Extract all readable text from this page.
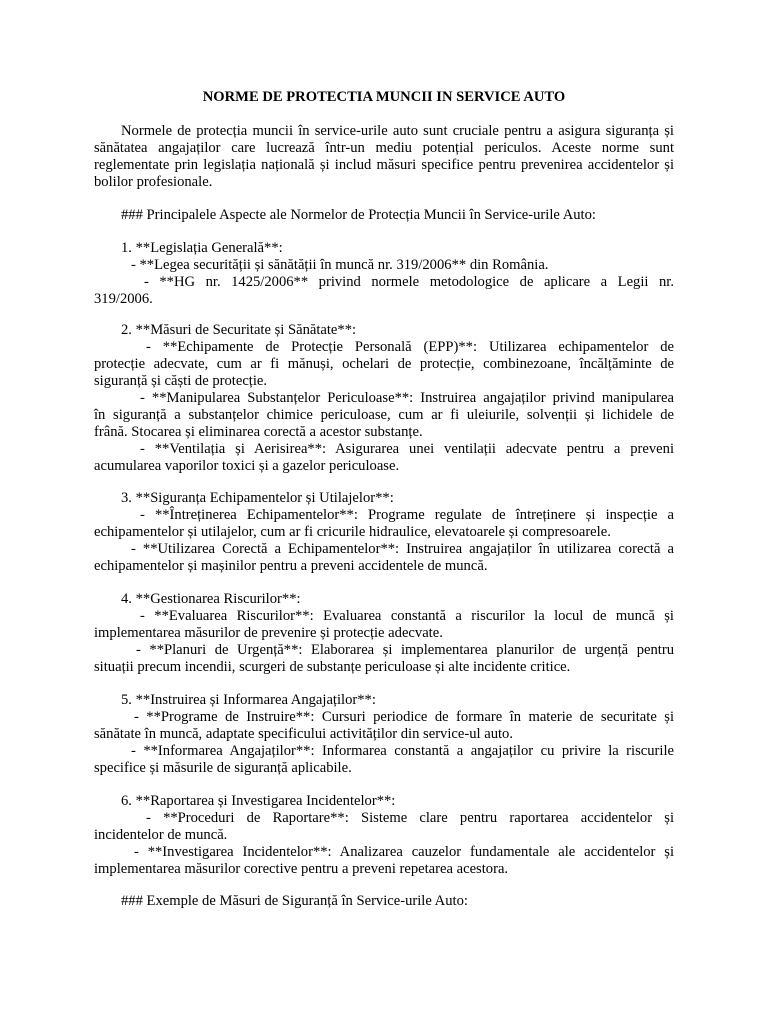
NORME DE PROTECTIA MUNCII IN SERVICE AUTO

Normele de protecția muncii în service-urile auto sunt cruciale pentru a asigura siguranța și sănătatea angajaților care lucrează într-un mediu potențial periculos. Aceste norme sunt reglementate prin legislația națională și includ măsuri specifice pentru prevenirea accidentelor și bolilor profesionale.

### Principalele Aspecte ale Normelor de Protecția Muncii în Service-urile Auto:

1. **Legislația Generală**:
- **Legea securității și sănătății în muncă nr. 319/2006** din România.
- **HG nr. 1425/2006** privind normele metodologice de aplicare a Legii nr.
319/2006.
2. **Măsuri de Securitate și Sănătate**:
- **Echipamente de Protecție Personală (EPP)**: Utilizarea echipamentelor de
protecție adecvate, cum ar fi mănuși, ochelari de protecție, combinezoane, încălțăminte de
siguranță și căști de protecție.
- **Manipularea Substanțelor Periculoase**: Instruirea angajaților privind manipularea
în siguranță a substanțelor chimice periculoase, cum ar fi uleiurile, solvenții și lichidele de
frână. Stocarea și eliminarea corectă a acestor substanțe.
- **Ventilația și Aerisirea**: Asigurarea unei ventilații adecvate pentru a preveni
acumularea vaporilor toxici și a gazelor periculoase.
3. **Siguranța Echipamentelor și Utilajelor**:
- **Întreținerea Echipamentelor**: Programe regulate de întreținere și inspecție a
echipamentelor și utilajelor, cum ar fi cricurile hidraulice, elevatoarele și compresoarele.
- **Utilizarea Corectă a Echipamentelor**: Instruirea angajaților în utilizarea corectă a
echipamentelor și mașinilor pentru a preveni accidentele de muncă.
4. **Gestionarea Riscurilor**:
- **Evaluarea Riscurilor**: Evaluarea constantă a riscurilor la locul de muncă și
implementarea măsurilor de prevenire și protecție adecvate.
- **Planuri de Urgență**: Elaborarea și implementarea planurilor de urgență pentru
situații precum incendii, scurgeri de substanțe periculoase și alte incidente critice.
5. **Instruirea și Informarea Angajaților**:
- **Programe de Instruire**: Cursuri periodice de formare în materie de securitate și
sănătate în muncă, adaptate specificului activităților din service-ul auto.
- **Informarea Angajaților**: Informarea constantă a angajaților cu privire la riscurile
specifice și măsurile de siguranță aplicabile.
6. **Raportarea și Investigarea Incidentelor**:
- **Proceduri de Raportare**: Sisteme clare pentru raportarea accidentelor și
incidentelor de muncă.
- **Investigarea Incidentelor**: Analizarea cauzelor fundamentale ale accidentelor și
implementarea măsurilor corective pentru a preveni repetarea acestora.

### Exemple de Măsuri de Siguranță în Service-urile Auto:
